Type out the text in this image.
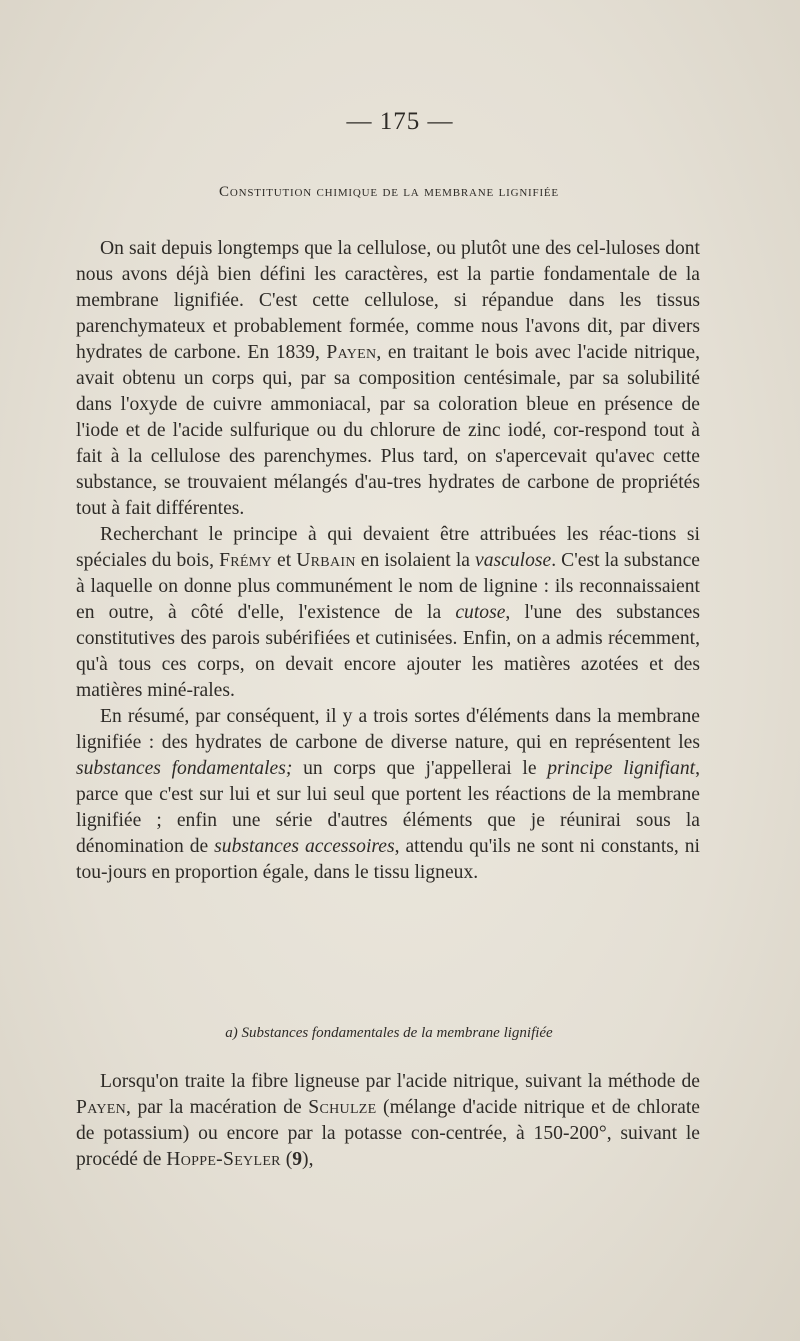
— 175 —
Constitution chimique de la membrane lignifiée

On sait depuis longtemps que la cellulose, ou plutôt une des cel-luloses dont nous avons déjà bien défini les caractères, est la partie fondamentale de la membrane lignifiée. C'est cette cellulose, si répandue dans les tissus parenchymateux et probablement formée, comme nous l'avons dit, par divers hydrates de carbone. En 1839, Payen, en traitant le bois avec l'acide nitrique, avait obtenu un corps qui, par sa composition centésimale, par sa solubilité dans l'oxyde de cuivre ammoniacal, par sa coloration bleue en présence de l'iode et de l'acide sulfurique ou du chlorure de zinc iodé, cor-respond tout à fait à la cellulose des parenchymes. Plus tard, on s'apercevait qu'avec cette substance, se trouvaient mélangés d'au-tres hydrates de carbone de propriétés tout à fait différentes.

Recherchant le principe à qui devaient être attribuées les réac-tions si spéciales du bois, Frémy et Urbain en isolaient la vasculose. C'est la substance à laquelle on donne plus communément le nom de lignine : ils reconnaissaient en outre, à côté d'elle, l'existence de la cutose, l'une des substances constitutives des parois subérifiées et cutinisées. Enfin, on a admis récemment, qu'à tous ces corps, on devait encore ajouter les matières azotées et des matières miné-rales.

En résumé, par conséquent, il y a trois sortes d'éléments dans la membrane lignifiée : des hydrates de carbone de diverse nature, qui en représentent les substances fondamentales; un corps que j'appellerai le principe lignifiant, parce que c'est sur lui et sur lui seul que portent les réactions de la membrane lignifiée ; enfin une série d'autres éléments que je réunirai sous la dénomination de substances accessoires, attendu qu'ils ne sont ni constants, ni tou-jours en proportion égale, dans le tissu ligneux.

a) Substances fondamentales de la membrane lignifiée

Lorsqu'on traite la fibre ligneuse par l'acide nitrique, suivant la méthode de Payen, par la macération de Schulze (mélange d'acide nitrique et de chlorate de potassium) ou encore par la potasse con-centrée, à 150-200°, suivant le procédé de Hoppe-Seyler (9),
